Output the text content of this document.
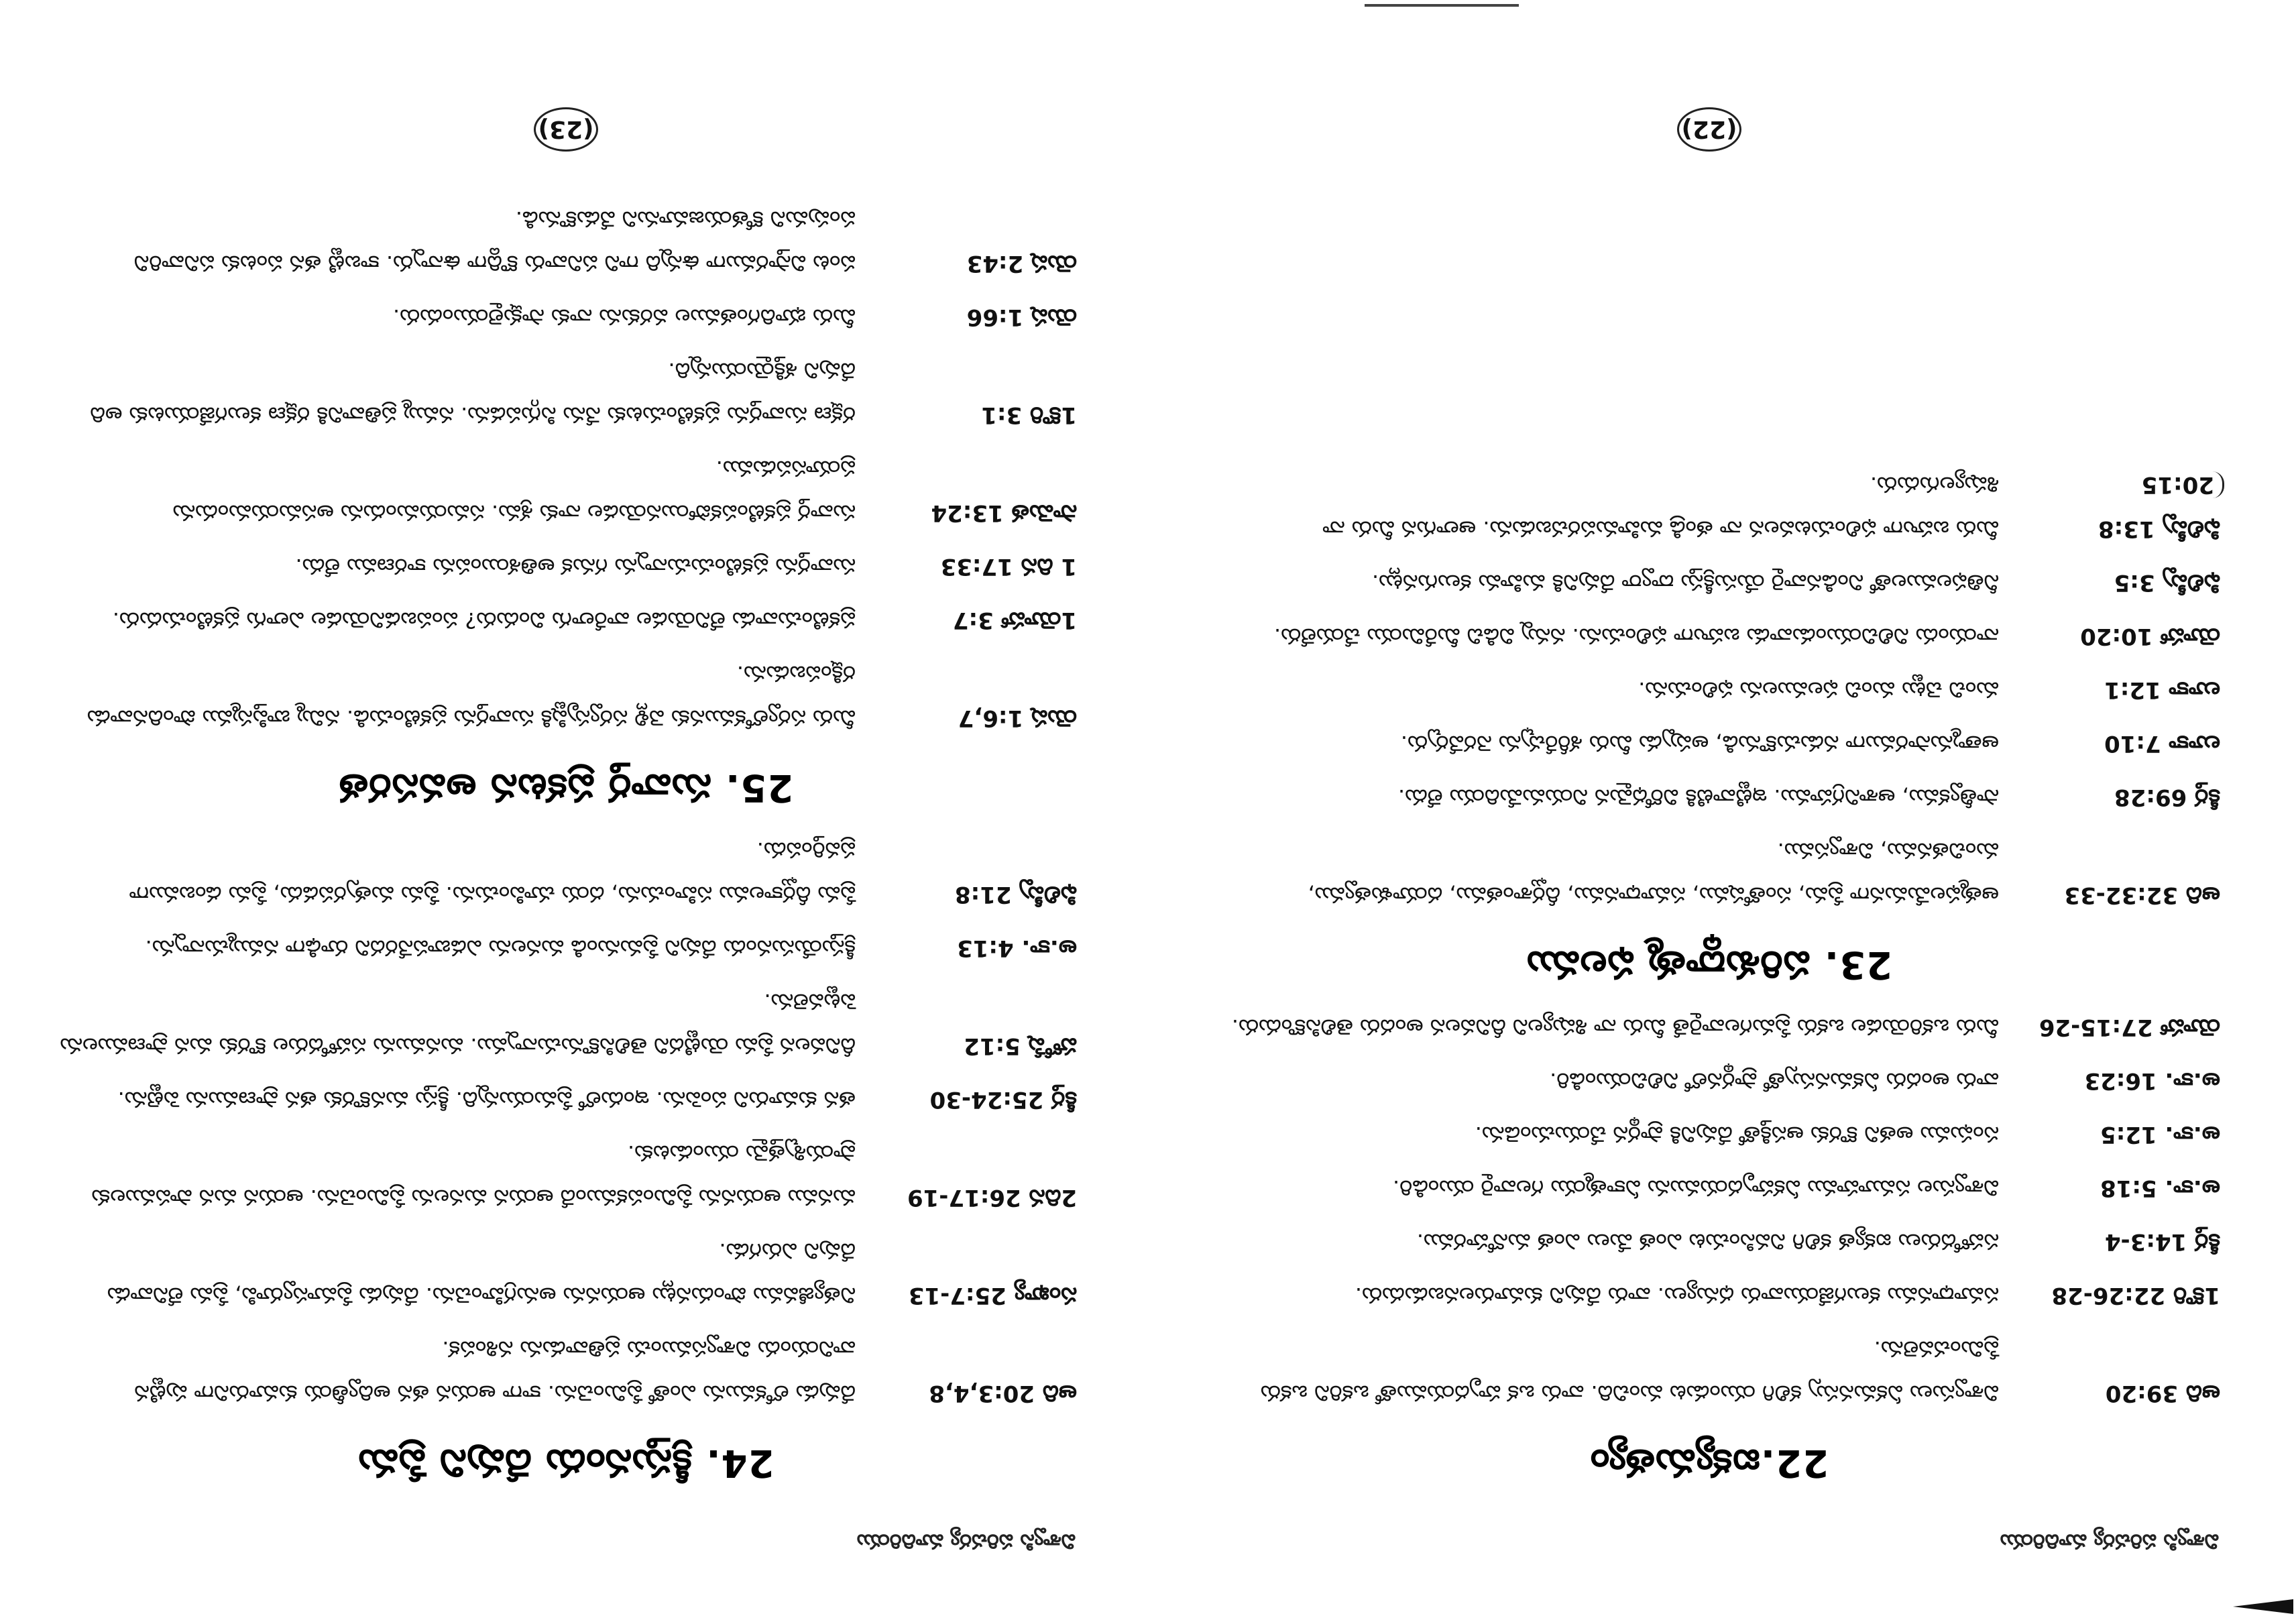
విశ్వాసి పరిచర్య మాదిరియు
22.ఐక్యమత్యం
ఆది 39:20
విశ్వాసులు ఏకమనస్సు కలిగి యుండుట మంచిది. వారు ఒక హృదయముతో ఒకరిని ఒకరు ప్రేమించవలెను.
1కొరి 22:26-28
సమాధానము కలుగజేయువారు ధన్యులు. వారు దేవుని కుమారులనబడుదురు.
కీర్త 14:3-4
సహోదరులు ఐక్యత కలిగి నివసించుట ఎంత మేలు ఎంత మనోహరము.
అ.కా. 5:18
విశ్వాసుల సమూహము ఏకహృదయమును ఏకాత్మయు గలవారై యుండిరి.
అ.కా. 12:5
సంఘము అతని కొరకు ఆసక్తితో దేవునికి ప్రార్థన చేయుచుండెను.
అ.కా. 16:23
వారు అందరు ఏకమనస్సుతో ప్రార్థనలో నిలిచియుండిరి.
యోహా 27:15-26
మీరు ఒకరియెడల ఒకరు ప్రేమగలవారైతే మీరు నా శిష్యులని దీనివలన అందరు తెలిసికొందురు.
23. పరిశుద్ధాత్మ ఫలము
ఆది 32:32-33
ఆత్మఫలమేమనగా ప్రేమ, సంతోషము, సమాధానము, దీర్ఘశాంతము, దయాళుత్వము, మంచితనము, విశ్వాసము.
కీర్త 69:28
సాత్వీకము, ఆశానిగ్రహము. ఇట్టివాటికి విరోధమైన నియమమేదియు లేదు.
లూకా 7:10
ఆత్మానుసారముగా నడుచుకొనుడి, అప్పుడు మీరు శరీరేచ్ఛను నెరవేర్చరు.
లూకా 12:1
మంచి చెట్టు మంచి ఫలములను ఫలించును.
యోహా 10:20
నాయందు నిలిచియుండువాడు బహుగా ఫలించును. నన్ను విడిచి మీరేమియు చేయలేరు.
ఫిలిప్పీ 3:5
నీతిఫలములతో నిండినవారై యేసుక్రీస్తు ద్వారా దేవునికి మహిమ కలుగునట్లు.
ఫిలిప్పీ 13:8
20:15
మీరు బహుగా ఫలించుటవలన నా తండ్రి మహిమపరచబడును. ఆలాగున మీరు నా శిష్యులగుదురు.
(22)
విశ్వాసి పరిచర్య మాదిరియు
24. క్రీస్తునందు దేవుని ప్రేమ
ఆది 20:3,4,8
దేవుడు లోకమును ఎంతో ప్రేమించెను. కాగా ఆయన తన అద్వితీయ కుమారునిగా పుట్టిన వానియందు విశ్వాసముంచు ప్రతివాడును నశింపక.
సంఖ్యా 25:7-13
నిత్యజీవము పొందునట్లు ఆయనను అనుగ్రహించెను. దేవుడు ప్రేమాస్వరూపి, ప్రేమ లేనివాడు దేవుని ఎరుగడు.
2దిన 26:17-19
మనము ఆయనను ప్రేమింపకముందే ఆయన మనలను ప్రేమించెను. ఆయన మన పాపములకు ప్రాయశ్చిత్తమై యుండుటకు.
కీర్త 25:24-30
తన కుమారుని పంపెను. ఇందులో ప్రేమయున్నది. క్రీస్తు మనకొరకు తన ప్రాణమును పెట్టెను.
హోషే 5:12
దీనివలన ప్రేమ యెట్టిదని తెలిసికొనుచున్నాము. మనమును సహోదరుల కొరకు మన ప్రాణములను పెట్టవలెను.
అ.కా. 4:13
క్రీస్తుయేసునందు దేవుని ప్రేమనుండి మనలను ఎడబాపనేరదని రూఢిగా నమ్ముచున్నాను.
ఫిలిప్పీ 21:8
ప్రేమ దీర్ఘకాలము సహించును, దయ చూపించును. ప్రేమ మత్సరపడదు, ప్రేమ డంబముగా ప్రవర్తింపదు.
25. సువార్త ప్రకటన అవసరత
యెష 1:6,7
మీరు సర్వలోకమునకు వెళ్లి సర్వసృష్టికి సువార్తను ప్రకటించుడి. నమ్మి బాప్తిస్మము పొందినవాడు రక్షింపబడును.
1యోహా 3:7
ప్రకటించువాడు లేనియెడల వారేలాగు విందురు? పంపబడనియెడల ఎలాగు ప్రకటించుదురు.
1 దిన 17:33
సువార్తను ప్రకటించుచున్నాను గనుక అతిశయింపను కారణము లేదు.
సామెత 13:24
సువార్త ప్రకటింపకపోయినయెడల నాకు శ్రమ. సమయమందును అసమయమందును ప్రయాసపడుము.
1కొరి 3:1
రక్షణ సువార్తను ప్రకటించుటకు నేను సిగ్గుపడను. నమ్ము ప్రతివానికి రక్షణ కలుగజేయుటకు అది దేవుని శక్తియైయున్నది.
యెష 1:66
మీరు భూదిగంతముల వరకును నాకు సాక్షులైయుందురు.
యెష 2:43
పంట విస్తారముగా ఉన్నది గాని పనివారు కొద్దిగా ఉన్నారు. కాబట్టి తన పంటకు పనివారిని పంపుమని కోతయజమానుని వేడుకొనుడి.
(23)
